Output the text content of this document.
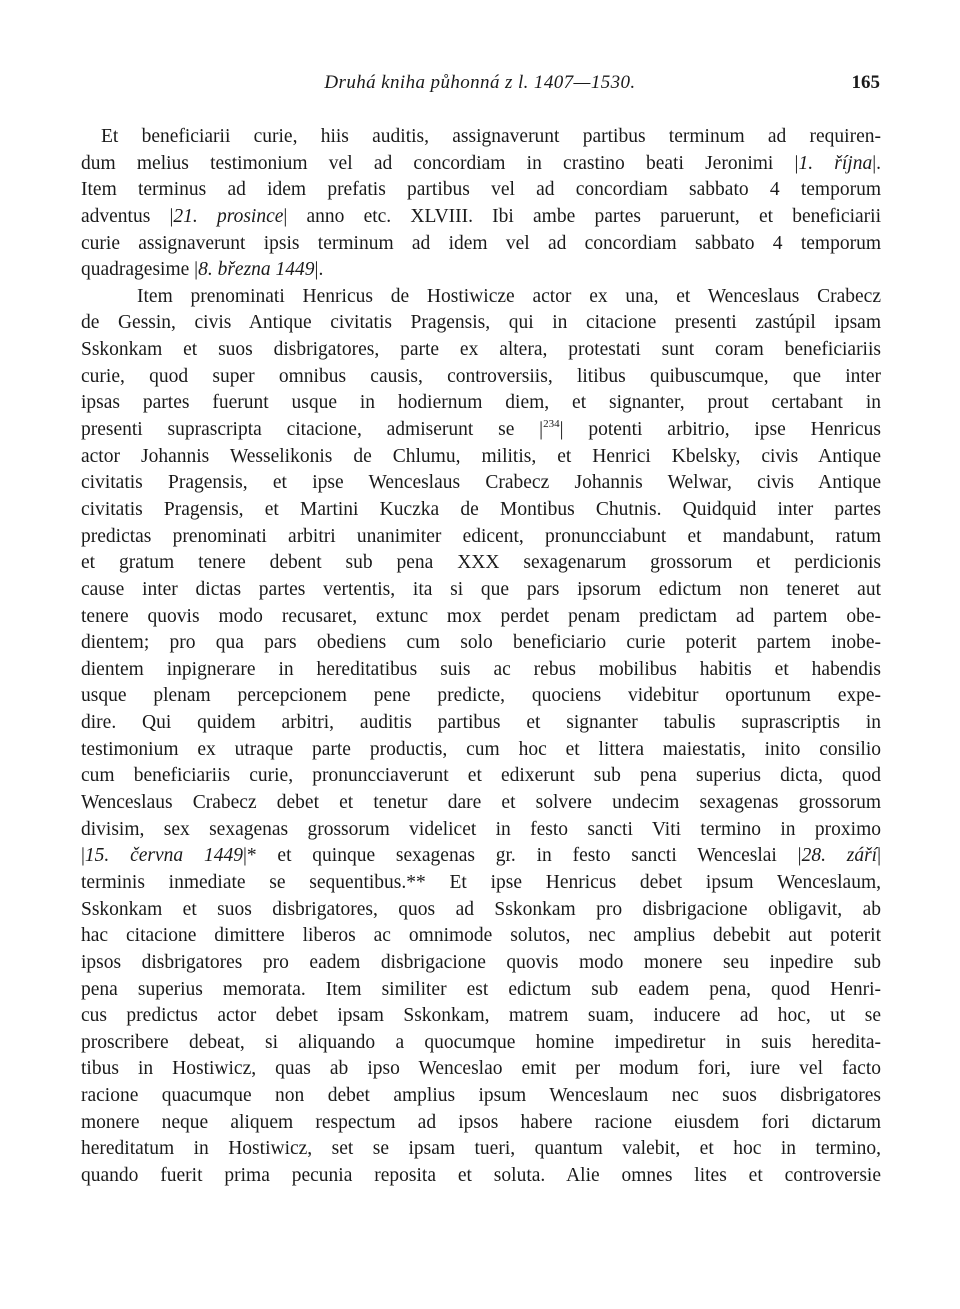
Druhá kniha půhonná z l. 1407—1530.	165
Et beneficiarii curie, hiis auditis, assignaverunt partibus terminum ad requiren-
dum melius testimonium vel ad concordiam in crastino beati Jeronimi |1. října|.
Item terminus ad idem prefatis partibus vel ad concordiam sabbato 4 temporum
adventus |21. prosince| anno etc. XLVIII. Ibi ambe partes paruerunt, et beneficiarii
curie assignaverunt ipsis terminum ad idem vel ad concordiam sabbato 4 temporum
quadragesime |8. března 1449|.
Item prenominati Henricus de Hostiwicze actor ex una, et Wenceslaus Crabecz
de Gessin, civis Antique civitatis Pragensis, qui in citacione presenti zastúpil ipsam
Sskonkam et suos disbrigatores, parte ex altera, protestati sunt coram beneficiariis
curie, quod super omnibus causis, controversiis, litibus quibuscumque, que inter
ipsas partes fuerunt usque in hodiernum diem, et signanter, prout certabant in
presenti suprascripta citacione, admiserunt se $|^{234}|$ potenti arbitrio, ipse Henricus
actor Johannis Wesselikonis de Chlumu, militis, et Henrici Kbelsky, civis Antique
civitatis Pragensis, et ipse Wenceslaus Crabecz Johannis Welwar, civis Antique
civitatis Pragensis, et Martini Kuczka de Montibus Chutnis. Quidquid inter partes
predictas prenominati arbitri unanimiter edicent, pronuncciabunt et mandabunt, ratum
et gratum tenere debent sub pena XXX sexagenarum grossorum et perdicionis
cause inter dictas partes vertentis, ita si que pars ipsorum edictum non teneret aut
tenere quovis modo recusaret, extunc mox perdet penam predictam ad partem obe-
dientem; pro qua pars obediens cum solo beneficiario curie poterit partem inobe-
dientem inpignerare in hereditatibus suis ac rebus mobilibus habitis et habendis
usque plenam percepcionem pene predicte, quociens videbitur oportunum expe-
dire. Qui quidem arbitri, auditis partibus et signanter tabulis suprascriptis in
testimonium ex utraque parte productis, cum hoc et littera maiestatis, inito consilio
cum beneficiariis curie, pronuncciaverunt et edixerunt sub pena superius dicta, quod
Wenceslaus Crabecz debet et tenetur dare et solvere undecim sexagenas grossorum
divisim, sex sexagenas grossorum videlicet in festo sancti Viti termino in proximo
|15. června 1449|* et quinque sexagenas gr. in festo sancti Wenceslai |28. září|
terminis inmediate se sequentibus.** Et ipse Henricus debet ipsum Wenceslaum,
Sskonkam et suos disbrigatores, quos ad Sskonkam pro disbrigacione obligavit, ab
hac citacione dimittere liberos ac omnimode solutos, nec amplius debebit aut poterit
ipsos disbrigatores pro eadem disbrigacione quovis modo monere seu inpedire sub
pena superius memorata. Item similiter est edictum sub eadem pena, quod Henri-
cus predictus actor debet ipsam Sskonkam, matrem suam, inducere ad hoc, ut se
proscribere debeat, si aliquando a quocumque homine impediretur in suis heredita-
tibus in Hostiwicz, quas ab ipso Wenceslao emit per modum fori, iure vel facto
racione quacumque non debet amplius ipsum Wenceslaum nec suos disbrigatores
monere neque aliquem respectum ad ipsos habere racione eiusdem fori dictarum
hereditatum in Hostiwicz, set se ipsam tueri, quantum valebit, et hoc in termino,
quando fuerit prima pecunia reposita et soluta. Alie omnes lites et controversie
